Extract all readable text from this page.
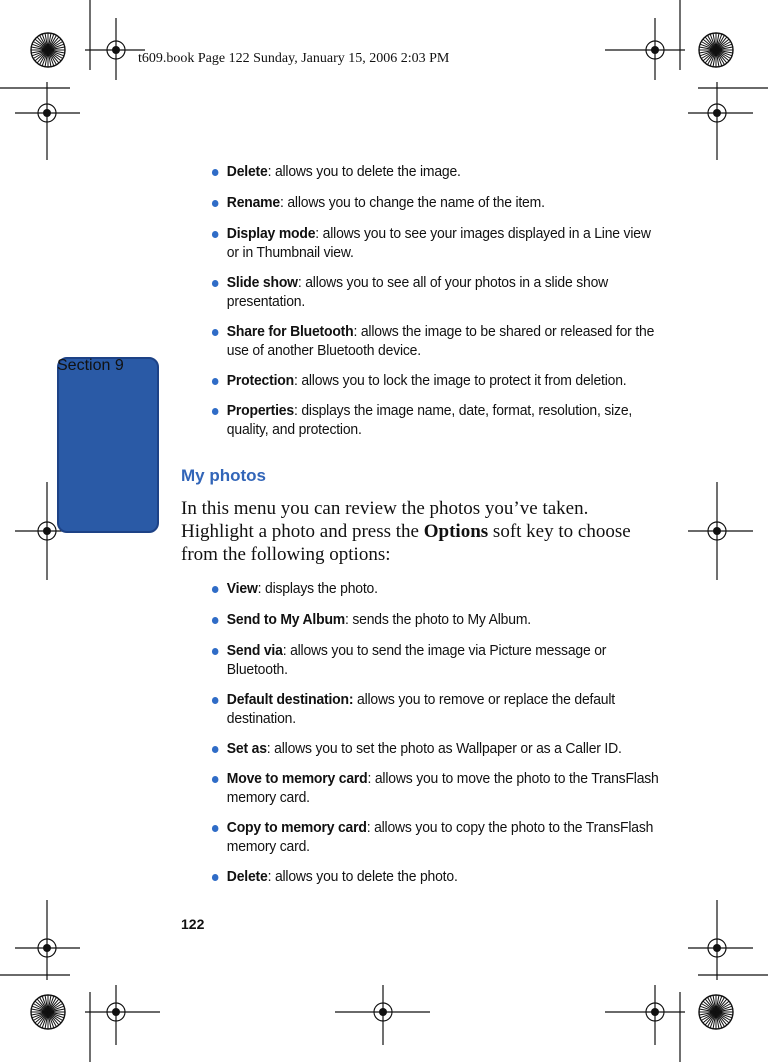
t609.book Page 122 Sunday, January 15, 2006 2:03 PM
Section 9
Delete: allows you to delete the image.
Rename: allows you to change the name of the item.
Display mode: allows you to see your images displayed in a Line view or in Thumbnail view.
Slide show: allows you to see all of your photos in a slide show presentation.
Share for Bluetooth: allows the image to be shared or released for the use of another Bluetooth device.
Protection: allows you to lock the image to protect it from deletion.
Properties: displays the image name, date, format, resolution, size, quality, and protection.
My photos
In this menu you can review the photos you’ve taken. Highlight a photo and press the Options soft key to choose from the following options:
View: displays the photo.
Send to My Album: sends the photo to My Album.
Send via: allows you to send the image via Picture message or Bluetooth.
Default destination: allows you to remove or replace the default destination.
Set as: allows you to set the photo as Wallpaper or as a Caller ID.
Move to memory card: allows you to move the photo to the TransFlash memory card.
Copy to memory card: allows you to copy the photo to the TransFlash memory card.
Delete: allows you to delete the photo.
122
